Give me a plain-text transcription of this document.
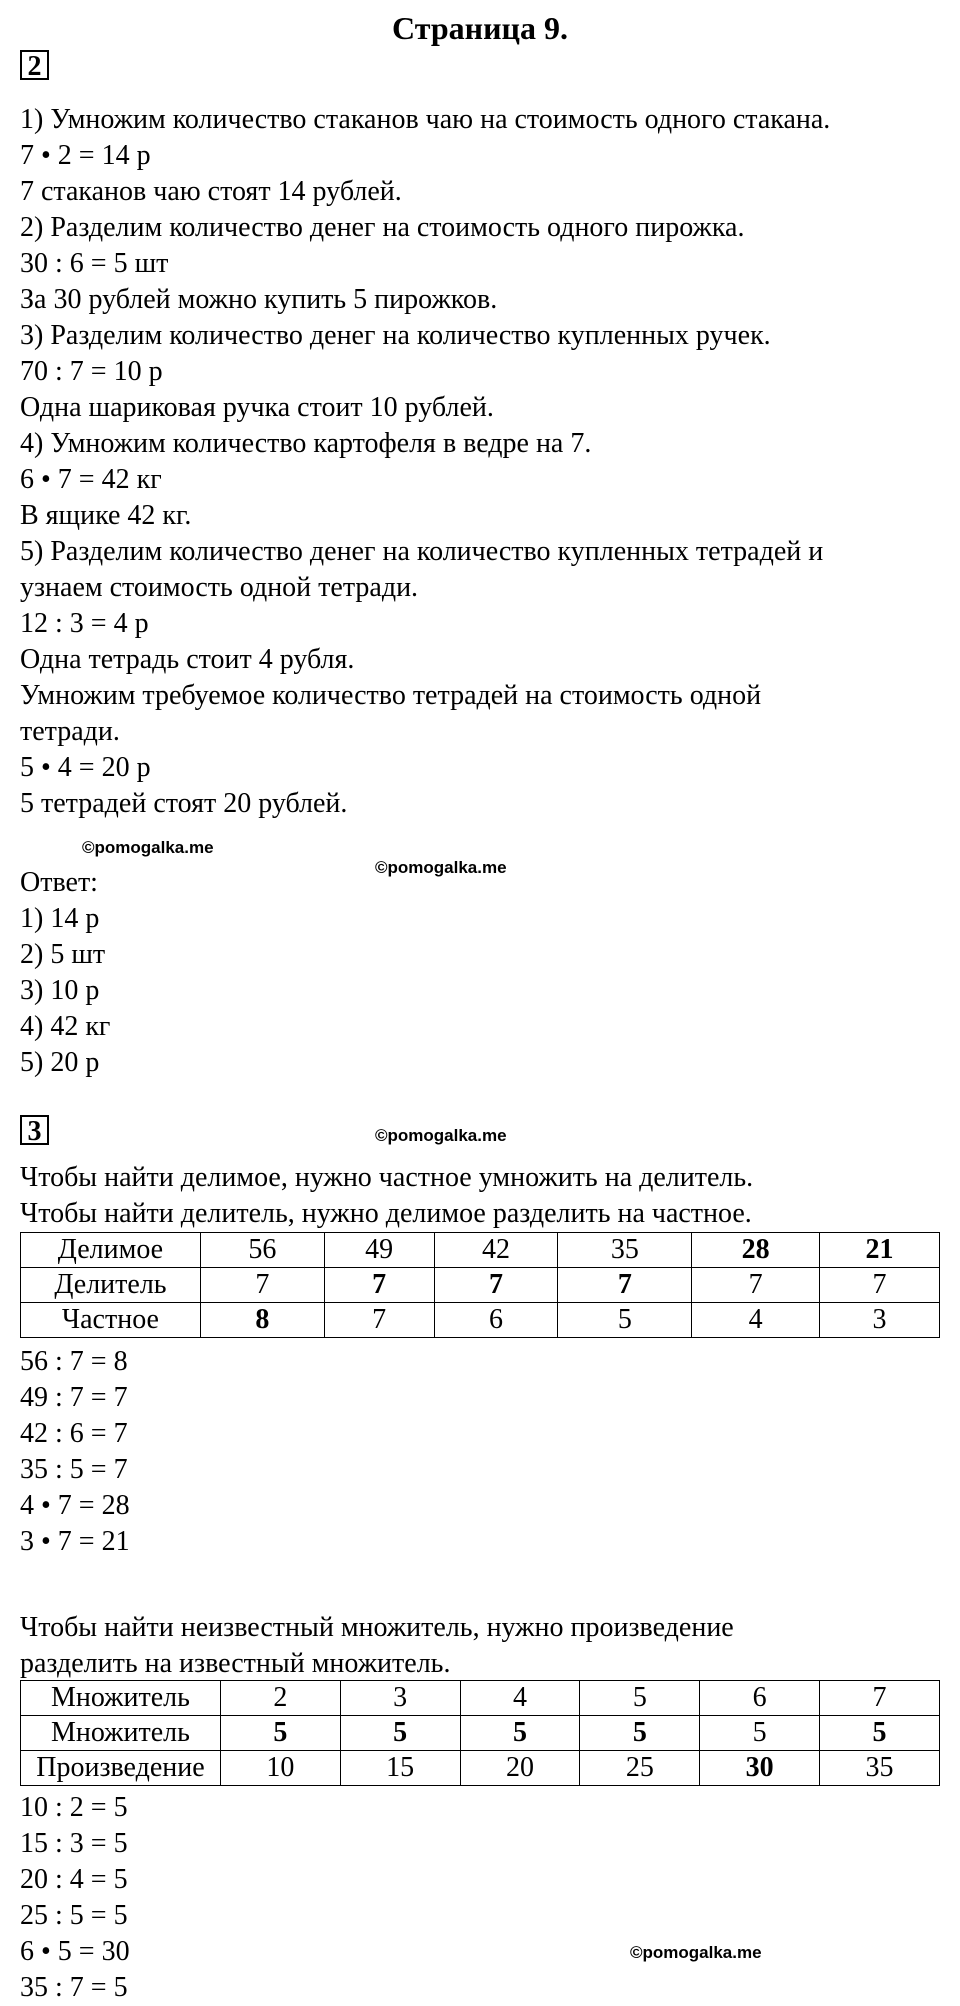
Страница 9.
2
1) Умножим количество стаканов чаю на стоимость одного стакана.
7 • 2 = 14 р
7 стаканов чаю стоят 14 рублей.
2) Разделим количество денег на стоимость одного пирожка.
30 : 6 = 5 шт
За 30 рублей можно купить 5 пирожков.
3) Разделим количество денег на количество купленных ручек.
70 : 7 = 10 р
Одна шариковая ручка стоит 10 рублей.
4) Умножим количество картофеля в ведре на 7.
6 • 7 = 42 кг
В ящике 42 кг.
5) Разделим количество денег на количество купленных тетрадей и
узнаем стоимость одной тетради.
12 : 3 = 4 р
Одна тетрадь стоит 4 рубля.
Умножим требуемое количество тетрадей на стоимость одной
тетради.
5 • 4 = 20 р
5 тетрадей стоят 20 рублей.
©pomogalka.me
©pomogalka.me
Ответ:
1) 14 р
2) 5 шт
3) 10 р
4) 42 кг
5) 20 р
3	©pomogalka.me
Чтобы найти делимое, нужно частное умножить на делитель.
Чтобы найти делитель, нужно делимое разделить на частное.
Делимое	56	49	42	35	28	21
Делитель	7	7	7	7	7	7
Частное	8	7	6	5	4	3
56 : 7 = 8
49 : 7 = 7
42 : 6 = 7
35 : 5 = 7
4 • 7 = 28
3 • 7 = 21
Чтобы найти неизвестный множитель, нужно произведение
разделить на известный множитель.
Множитель	2	3	4	5	6	7
Множитель	5	5	5	5	5	5
Произведение	10	15	20	25	30	35
10 : 2 = 5
15 : 3 = 5
20 : 4 = 5
25 : 5 = 5
6 • 5 = 30
35 : 7 = 5
©pomogalka.me
